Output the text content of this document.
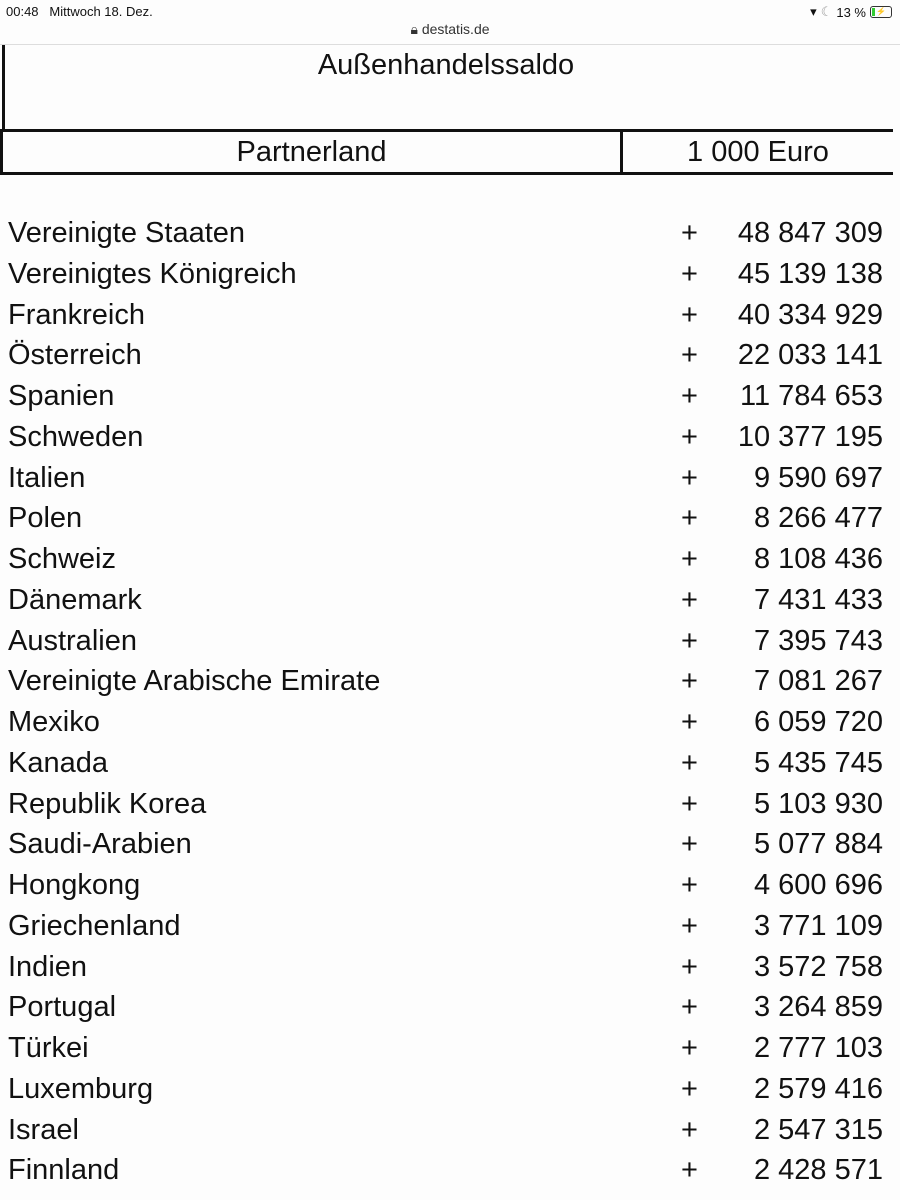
00:48 Mittwoch 18. Dez.	▾ ☾ 13 %	⚡
🔒︎ destatis.de
Außenhandelssaldo
Partnerland	1 000 Euro
Vereinigte Staaten	+ 48 847 309
Vereinigtes Königreich	+ 45 139 138
Frankreich	+ 40 334 929
Österreich	+ 22 033 141
Spanien	+ 11 784 653
Schweden	+ 10 377 195
Italien	+ 9 590 697
Polen	+ 8 266 477
Schweiz	+ 8 108 436
Dänemark	+ 7 431 433
Australien	+ 7 395 743
Vereinigte Arabische Emirate	+ 7 081 267
Mexiko	+ 6 059 720
Kanada	+ 5 435 745
Republik Korea	+ 5 103 930
Saudi-Arabien	+ 5 077 884
Hongkong	+ 4 600 696
Griechenland	+ 3 771 109
Indien	+ 3 572 758
Portugal	+ 3 264 859
Türkei	+ 2 777 103
Luxemburg	+ 2 579 416
Israel	+ 2 547 315
Finnland	+ 2 428 571
